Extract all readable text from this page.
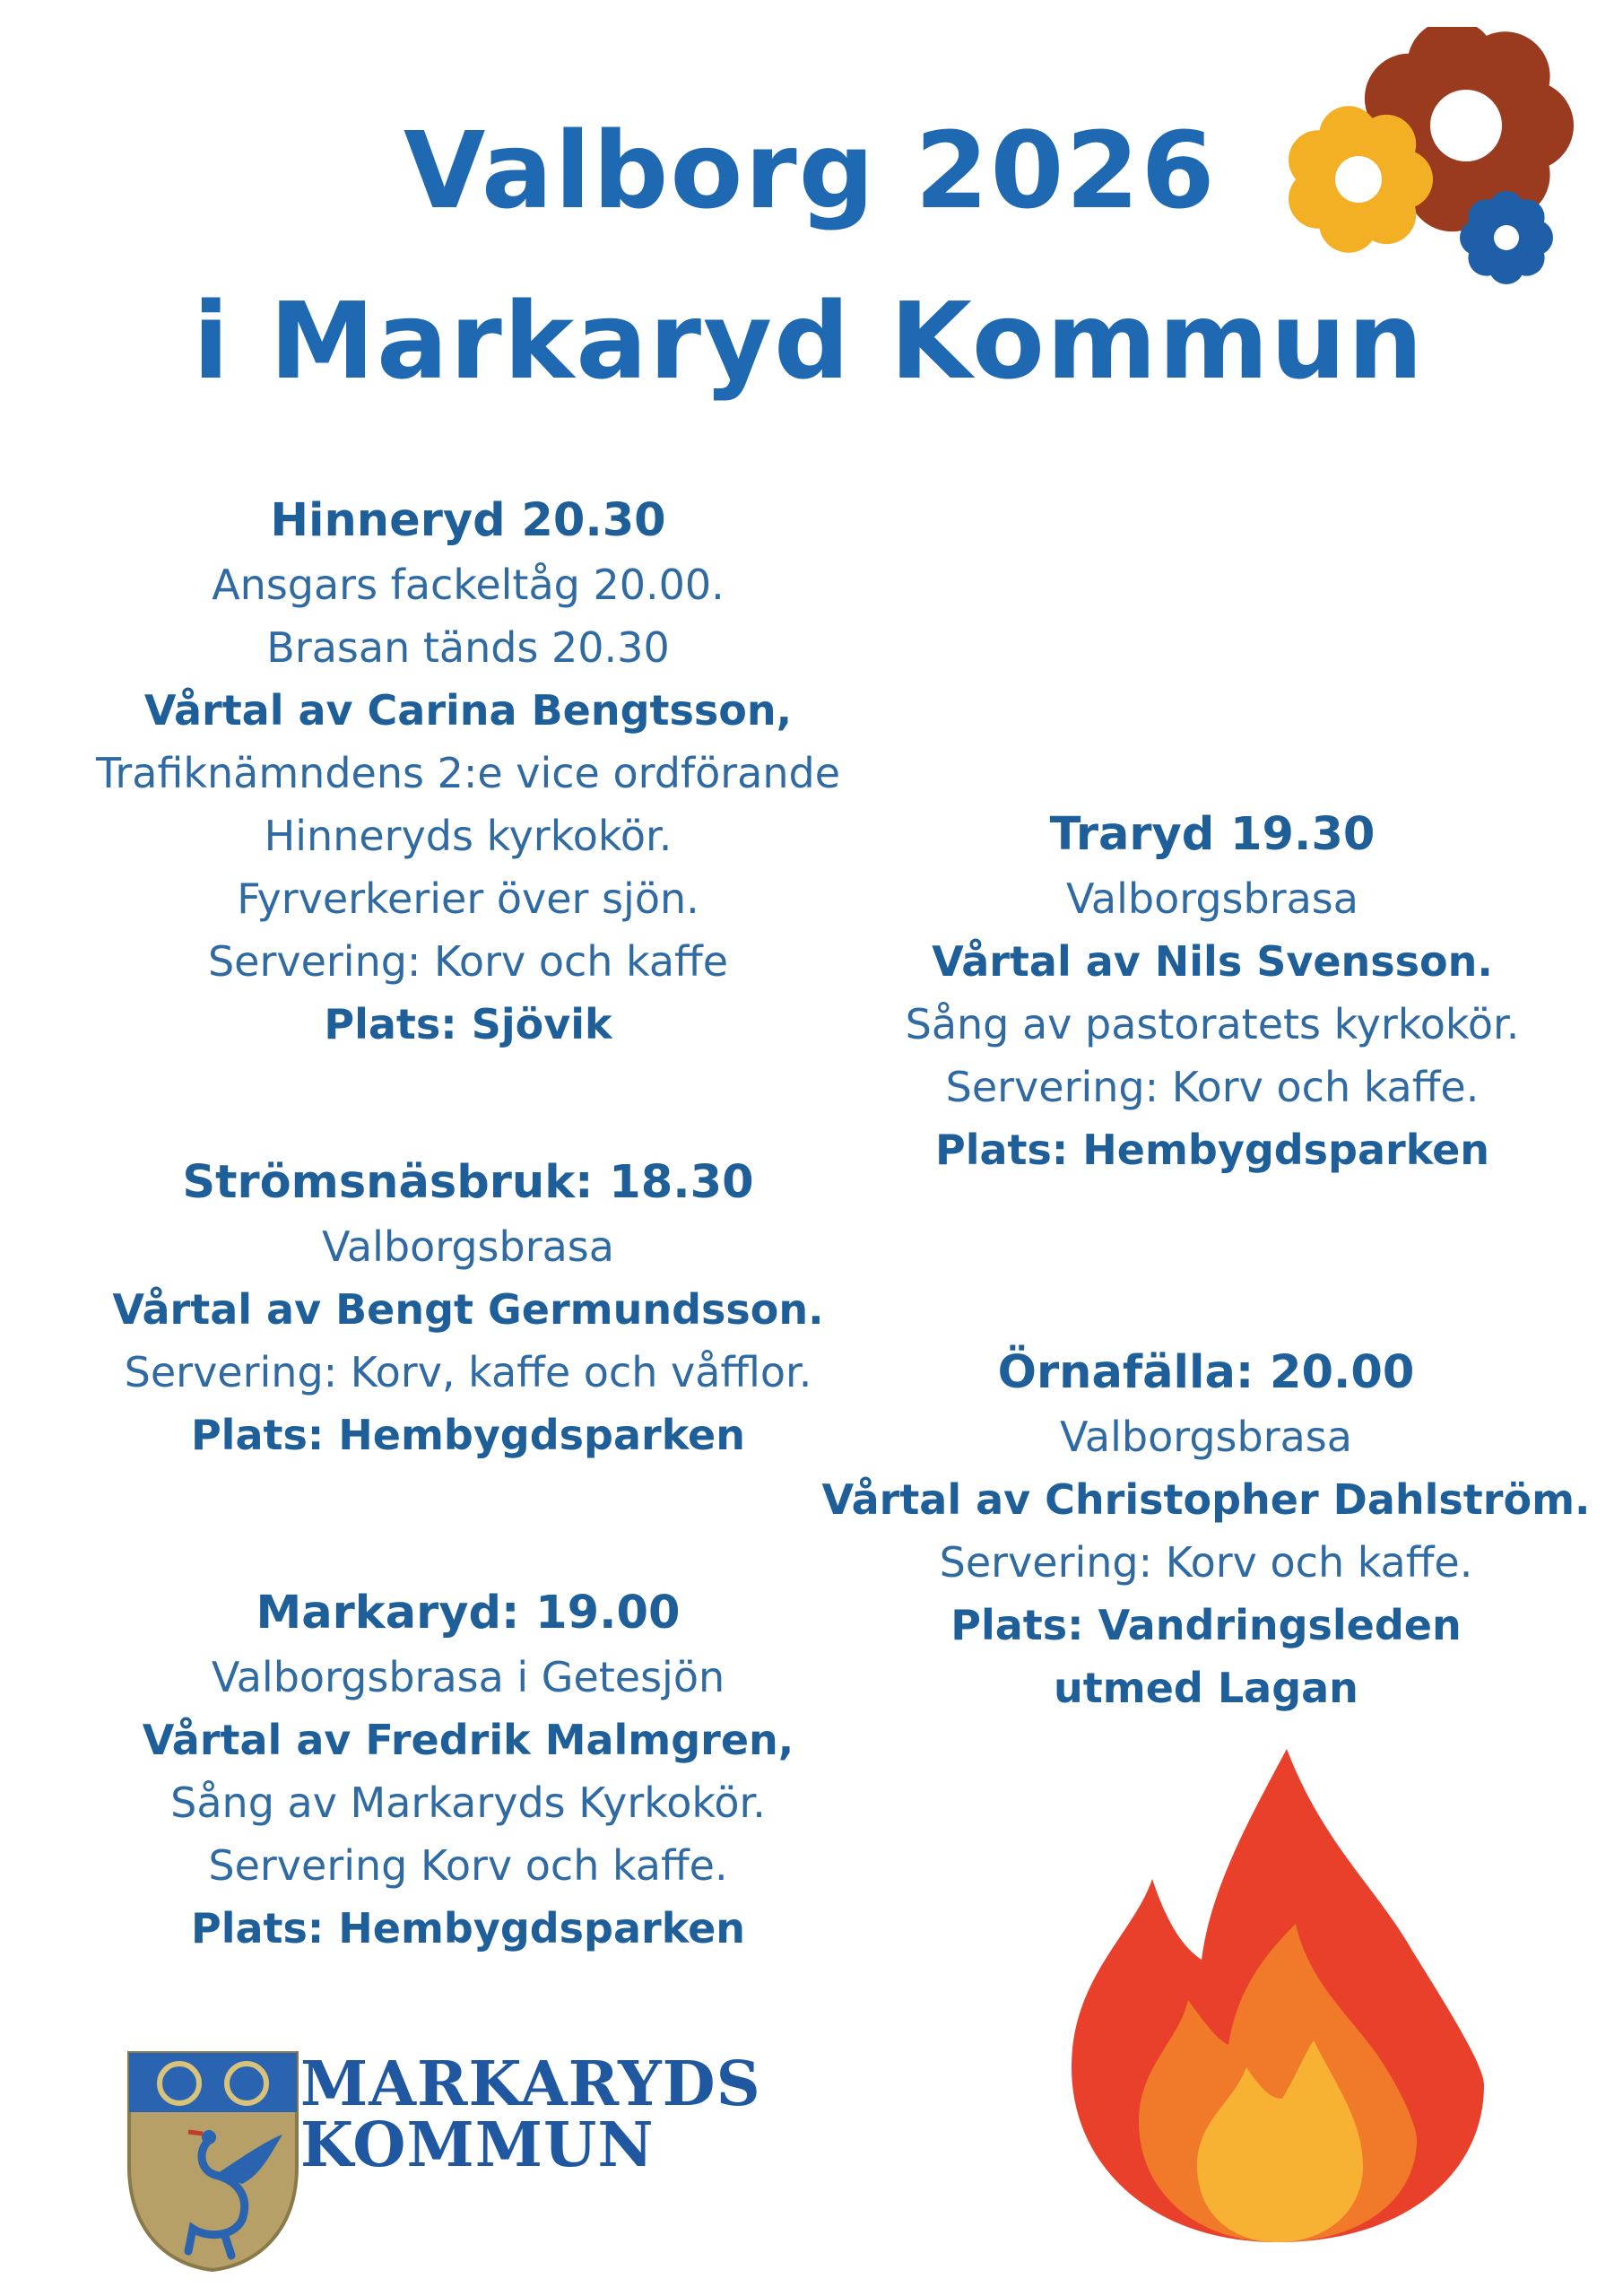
Valborg 2026
i Markaryd Kommun
Hinneryd 20.30
Ansgars fackeltåg 20.00.
Brasan tänds 20.30
Vårtal av Carina Bengtsson,
Trafiknämndens 2:e vice ordförande
Hinneryds kyrkokör.
Fyrverkerier över sjön.
Servering: Korv och kaffe
Plats: Sjövik
Strömsnäsbruk: 18.30
Valborgsbrasa
Vårtal av Bengt Germundsson.
Servering: Korv, kaffe och våfflor.
Plats: Hembygdsparken
Markaryd: 19.00
Valborgsbrasa i Getesjön
Vårtal av Fredrik Malmgren,
Sång av Markaryds Kyrkokör.
Servering Korv och kaffe.
Plats: Hembygdsparken
Traryd 19.30
Valborgsbrasa
Vårtal av Nils Svensson.
Sång av pastoratets kyrkokör.
Servering: Korv och kaffe.
Plats: Hembygdsparken
Örnafälla: 20.00
Valborgsbrasa
Vårtal av Christopher Dahlström.
Servering: Korv och kaffe.
Plats: Vandringsleden
utmed Lagan
MARKARYDS
KOMMUN
